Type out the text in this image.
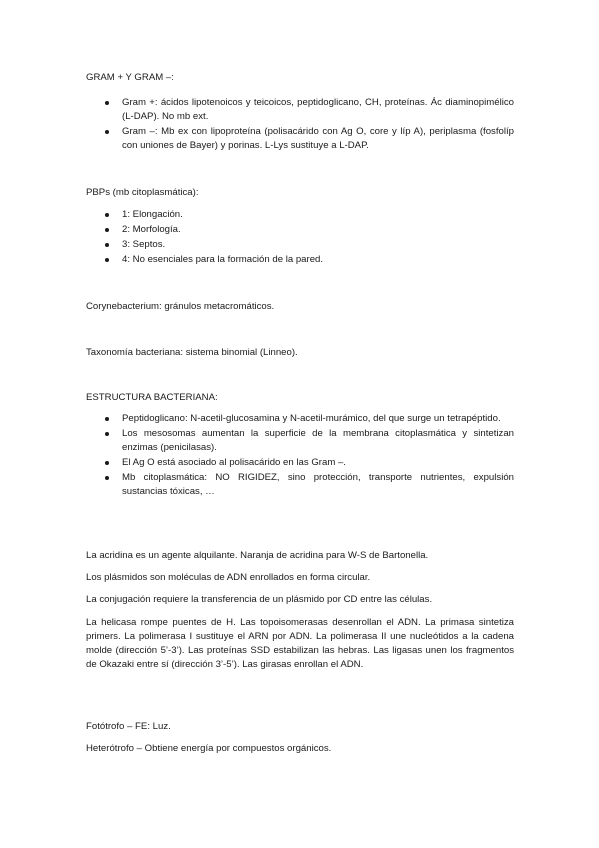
GRAM + Y GRAM –:
Gram +: ácidos lipotenoicos y teicoicos, peptidoglicano, CH, proteínas. Ác diaminopimélico (L-DAP). No mb ext.
Gram –: Mb ex con lipoproteína (polisacárido con Ag O, core y líp A), periplasma (fosfolíp con uniones de Bayer) y porinas. L-Lys sustituye a L-DAP.
PBPs (mb citoplasmática):
1: Elongación.
2: Morfología.
3: Septos.
4: No esenciales para la formación de la pared.
Corynebacterium: gránulos metacromáticos.
Taxonomía bacteriana: sistema binomial (Linneo).
ESTRUCTURA BACTERIANA:
Peptidoglicano: N-acetil-glucosamina y N-acetil-murámico, del que surge un tetrapéptido.
Los mesosomas aumentan la superficie de la membrana citoplasmática y sintetizan enzimas (penicilasas).
El Ag O está asociado al polisacárido en las Gram –.
Mb citoplasmática: NO RIGIDEZ, sino protección, transporte nutrientes, expulsión sustancias tóxicas, …

La acridina es un agente alquilante. Naranja de acridina para W-S de Bartonella.

Los plásmidos son moléculas de ADN enrollados en forma circular.

La conjugación requiere la transferencia de un plásmido por CD entre las células.

La helicasa rompe puentes de H. Las topoisomerasas desenrollan el ADN. La primasa sintetiza primers. La polimerasa I sustituye el ARN por ADN. La polimerasa II une nucleótidos a la cadena molde (dirección 5’-3’). Las proteínas SSD estabilizan las hebras. Las ligasas unen los fragmentos de Okazaki entre sí (dirección 3’-5’). Las girasas enrollan el ADN.

Fotótrofo – FE: Luz.
Heterótrofo – Obtiene energía por compuestos orgánicos.
